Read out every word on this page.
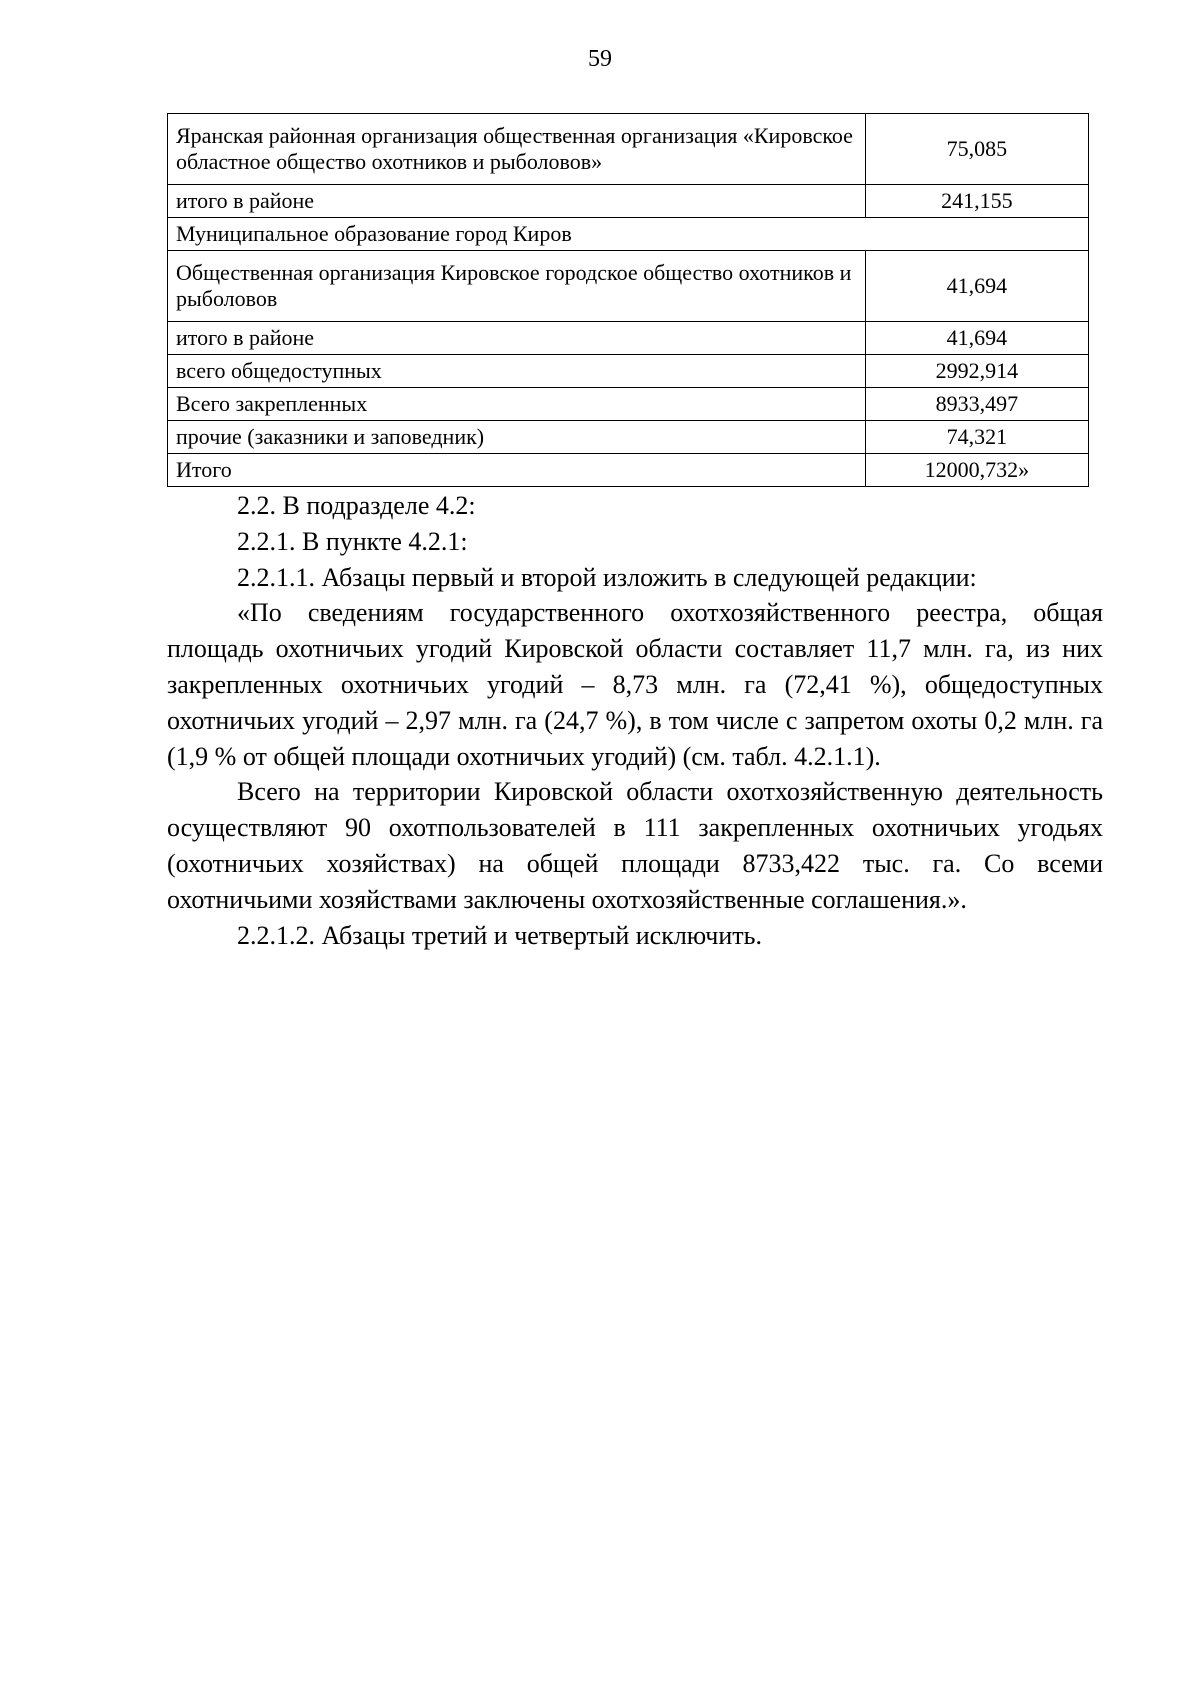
59
Яранская районная организация общественная организация «Кировское областное общество охотников и рыболовов»	75,085
итого в районе	241,155
Муниципальное образование город Киров	
Общественная организация Кировское городское общество охотников и рыболовов	41,694
итого в районе	41,694
всего общедоступных	2992,914
Всего закрепленных	8933,497
прочие (заказники и заповедник)	74,321
Итого	12000,732»

2.2. В подразделе 4.2:

2.2.1. В пункте 4.2.1:

2.2.1.1. Абзацы первый и второй изложить в следующей редакции:

«По сведениям государственного охотхозяйственного реестра, общая площадь охотничьих угодий Кировской области составляет 11,7 млн. га, из них закрепленных охотничьих угодий – 8,73 млн. га (72,41 %), общедоступных охотничьих угодий – 2,97 млн. га (24,7 %), в том числе с запретом охоты 0,2 млн. га (1,9 % от общей площади охотничьих угодий) (см. табл. 4.2.1.1).

Всего на территории Кировской области охотхозяйственную деятельность осуществляют 90 охотпользователей в 111 закрепленных охотничьих угодьях (охотничьих хозяйствах) на общей площади 8733,422 тыс. га. Со всеми охотничьими хозяйствами заключены охотхозяйственные соглашения.».

2.2.1.2. Абзацы третий и четвертый исключить.
